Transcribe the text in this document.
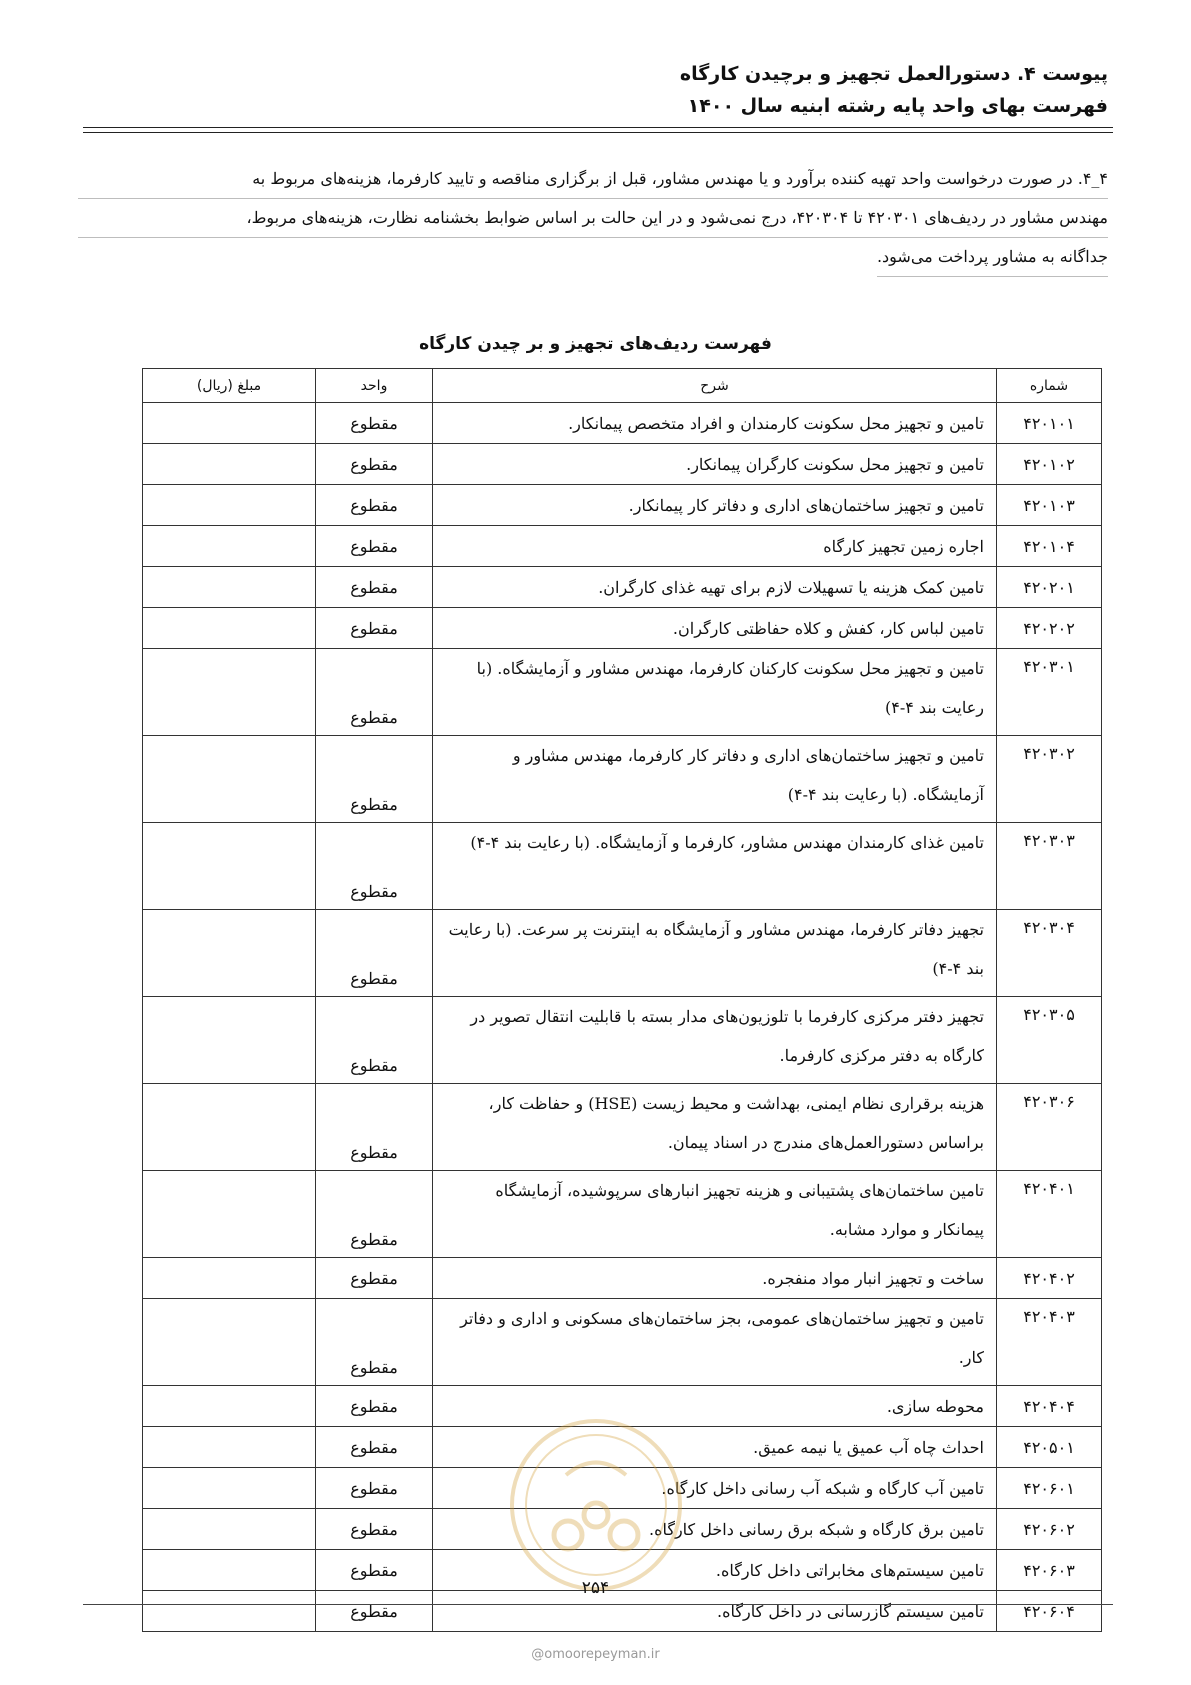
پیوست ۴. دستورالعمل تجهیز و برچیدن کارگاه
فهرست بهای واحد پایه رشته ابنیه سال ۱۴۰۰
۴_۴. در صورت درخواست واحد تهیه کننده برآورد و یا مهندس مشاور، قبل از برگزاری مناقصه و تایید کارفرما، هزینه‌های مربوط به
مهندس مشاور در ردیف‌های ۴۲۰۳۰۱ تا ۴۲۰۳۰۴، درج نمی‌شود و در این حالت بر اساس ضوابط بخشنامه نظارت، هزینه‌های مربوط،
جداگانه به مشاور پرداخت می‌شود.
فهرست ردیف‌های تجهیز و بر چیدن کارگاه
شماره	شرح	واحد	مبلغ (ریال)
۴۲۰۱۰۱	تامین و تجهیز محل سکونت کارمندان و افراد متخصص پیمانکار.	مقطوع	
۴۲۰۱۰۲	تامین و تجهیز محل سکونت کارگران پیمانکار.	مقطوع	
۴۲۰۱۰۳	تامین و تجهیز ساختمان‌های اداری و دفاتر کار پیمانکار.	مقطوع	
۴۲۰۱۰۴	اجاره زمین تجهیز کارگاه	مقطوع	
۴۲۰۲۰۱	تامین کمک هزینه یا تسهیلات لازم برای تهیه غذای کارگران.	مقطوع	
۴۲۰۲۰۲	تامین لباس کار، کفش و کلاه حفاظتی کارگران.	مقطوع	
۴۲۰۳۰۱	تامین و تجهیز محل سکونت کارکنان کارفرما، مهندس مشاور و آزمایشگاه. (با رعایت بند ۴-۴)	مقطوع	
۴۲۰۳۰۲	تامین و تجهیز ساختمان‌های اداری و دفاتر کار کارفرما، مهندس مشاور و آزمایشگاه. (با رعایت بند ۴-۴)	مقطوع	
۴۲۰۳۰۳	تامین غذای کارمندان مهندس مشاور، کارفرما و آزمایشگاه. (با رعایت بند ۴-۴)	مقطوع	
۴۲۰۳۰۴	تجهیز دفاتر کارفرما، مهندس مشاور و آزمایشگاه به اینترنت پر سرعت. (با رعایت بند ۴-۴)	مقطوع	
۴۲۰۳۰۵	تجهیز دفتر مرکزی کارفرما با تلوزیون‌های مدار بسته با قابلیت انتقال تصویر در کارگاه به دفتر مرکزی کارفرما.	مقطوع	
۴۲۰۳۰۶	هزینه برقراری نظام ایمنی، بهداشت و محیط زیست (HSE) و حفاظت کار، براساس دستورالعمل‌های مندرج در اسناد پیمان.	مقطوع	
۴۲۰۴۰۱	تامین ساختمان‌های پشتیبانی و هزینه تجهیز انبارهای سرپوشیده، آزمایشگاه پیمانکار و موارد مشابه.	مقطوع	
۴۲۰۴۰۲	ساخت و تجهیز انبار مواد منفجره.	مقطوع	
۴۲۰۴۰۳	تامین و تجهیز ساختمان‌های عمومی، بجز ساختمان‌های مسکونی و اداری و دفاتر کار.	مقطوع	
۴۲۰۴۰۴	محوطه سازی.	مقطوع	
۴۲۰۵۰۱	احداث چاه آب عمیق یا نیمه عمیق.	مقطوع	
۴۲۰۶۰۱	تامین آب کارگاه و شبکه آب رسانی داخل کارگاه.	مقطوع	
۴۲۰۶۰۲	تامین برق کارگاه و شبکه برق رسانی داخل کارگاه.	مقطوع	
۴۲۰۶۰۳	تامین سیستم‌های مخابراتی داخل کارگاه.	مقطوع	
۴۲۰۶۰۴	تامین سیستم گازرسانی در داخل کارگاه.	مقطوع	
۲۵۴
@omoorepeyman.ir
